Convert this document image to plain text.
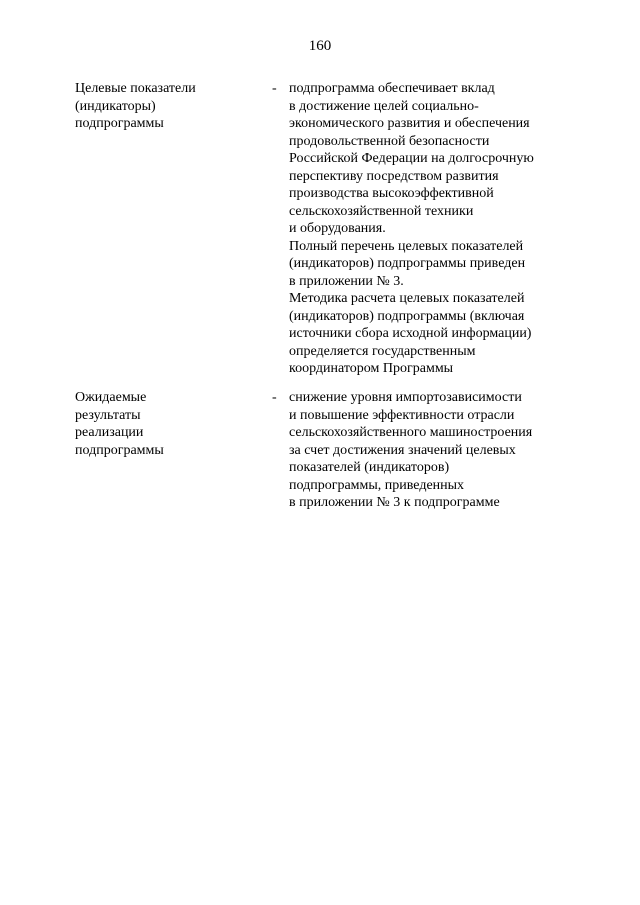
160
Целевые показатели
(индикаторы)
подпрограммы
- подпрограмма обеспечивает вклад
в достижение целей социально-
экономического развития и обеспечения
продовольственной безопасности
Российской Федерации на долгосрочную
перспективу посредством развития
производства высокоэффективной
сельскохозяйственной техники
и оборудования.
Полный перечень целевых показателей
(индикаторов) подпрограммы приведен
в приложении № 3.
Методика расчета целевых показателей
(индикаторов) подпрограммы (включая
источники сбора исходной информации)
определяется государственным
координатором Программы
Ожидаемые
результаты
реализации
подпрограммы
- снижение уровня импортозависимости
и повышение эффективности отрасли
сельскохозяйственного машиностроения
за счет достижения значений целевых
показателей (индикаторов)
подпрограммы, приведенных
в приложении № 3 к подпрограмме
